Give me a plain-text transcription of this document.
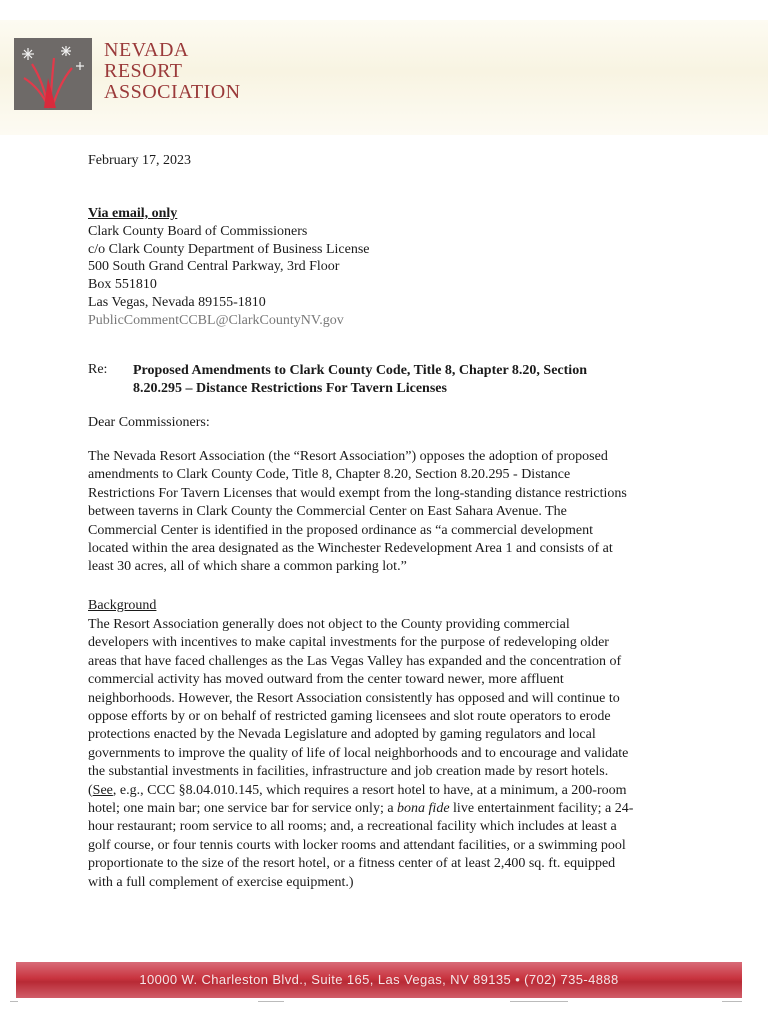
NEVADA
RESORT
ASSOCIATION
February 17, 2023
Via email, only
Clark County Board of Commissioners
c/o Clark County Department of Business License
500 South Grand Central Parkway, 3rd Floor
Box 551810
Las Vegas, Nevada 89155-1810
PublicCommentCCBL@ClarkCountyNV.gov
Re: Proposed Amendments to Clark County Code, Title 8, Chapter 8.20, Section
8.20.295 – Distance Restrictions For Tavern Licenses
Dear Commissioners:
The Nevada Resort Association (the “Resort Association”) opposes the adoption of proposed
amendments to Clark County Code, Title 8, Chapter 8.20, Section 8.20.295 - Distance
Restrictions For Tavern Licenses that would exempt from the long-standing distance restrictions
between taverns in Clark County the Commercial Center on East Sahara Avenue. The
Commercial Center is identified in the proposed ordinance as “a commercial development
located within the area designated as the Winchester Redevelopment Area 1 and consists of at
least 30 acres, all of which share a common parking lot.”
Background
The Resort Association generally does not object to the County providing commercial
developers with incentives to make capital investments for the purpose of redeveloping older
areas that have faced challenges as the Las Vegas Valley has expanded and the concentration of
commercial activity has moved outward from the center toward newer, more affluent
neighborhoods. However, the Resort Association consistently has opposed and will continue to
oppose efforts by or on behalf of restricted gaming licensees and slot route operators to erode
protections enacted by the Nevada Legislature and adopted by gaming regulators and local
governments to improve the quality of life of local neighborhoods and to encourage and validate
the substantial investments in facilities, infrastructure and job creation made by resort hotels.
(See, e.g., CCC §8.04.010.145, which requires a resort hotel to have, at a minimum, a 200-room
hotel; one main bar; one service bar for service only; a bona fide live entertainment facility; a 24-
hour restaurant; room service to all rooms; and, a recreational facility which includes at least a
golf course, or four tennis courts with locker rooms and attendant facilities, or a swimming pool
proportionate to the size of the resort hotel, or a fitness center of at least 2,400 sq. ft. equipped
with a full complement of exercise equipment.)
10000 W. Charleston Blvd., Suite 165, Las Vegas, NV 89135 • (702) 735-4888
